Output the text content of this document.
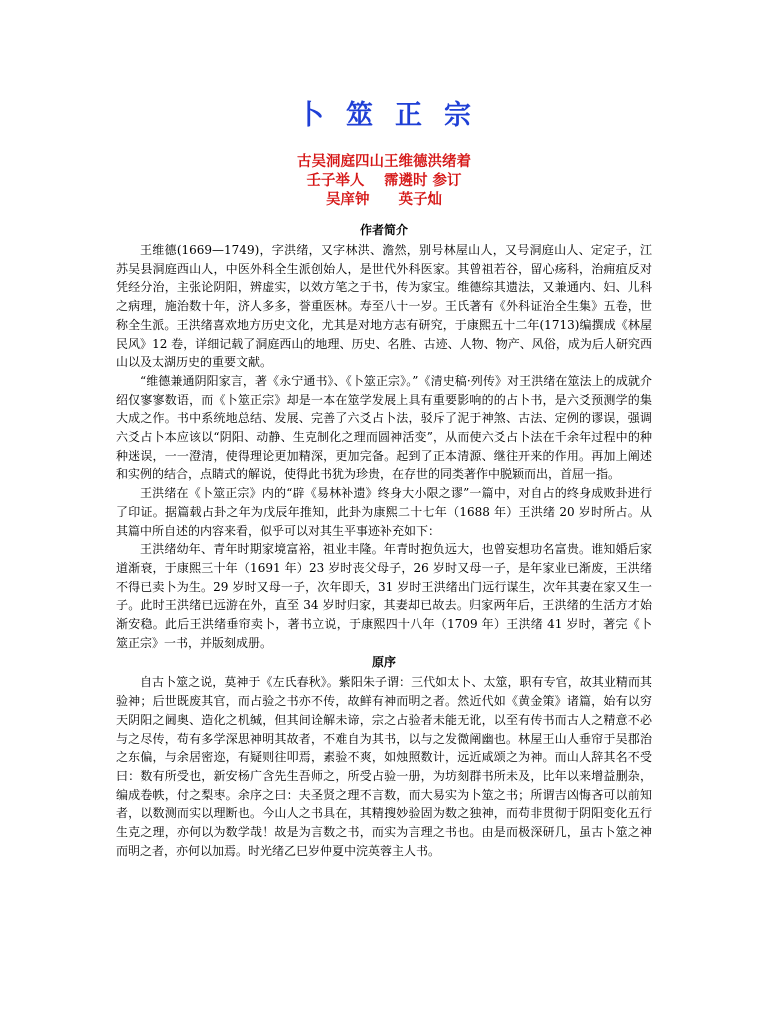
卜筮正宗
古吴洞庭四山王维德洪绪着
壬子举人　 霈遴时 参订
吴庠钟　　英子灿
作者简介

王维德(1669—1749)，字洪绪，又字林洪、澹然，别号林屋山人，又号洞庭山人、定定子，江苏吴县洞庭西山人，中医外科全生派创始人，是世代外科医家。其曾祖若谷，留心疡科，治痈疽反对凭经分治，主张论阴阳，辨虚实，以效方笔之于书，传为家宝。维德综其遗法，又兼通内、妇、儿科之病理，施治数十年，济人多多，誉重医林。寿至八十一岁。王氏著有《外科证治全生集》五卷，世称全生派。王洪绪喜欢地方历史文化，尤其是对地方志有研究，于康熙五十二年(1713)编撰成《林屋民风》12 卷，详细记载了洞庭西山的地理、历史、名胜、古迹、人物、物产、风俗，成为后人研究西山以及太湖历史的重要文献。

“维德兼通阴阳家言，著《永宁通书》、《卜筮正宗》。”《清史稿·列传》对王洪绪在筮法上的成就介绍仅寥寥数语，而《卜筮正宗》却是一本在筮学发展上具有重要影响的的占卜书，是六爻预测学的集大成之作。书中系统地总结、发展、完善了六爻占卜法，驳斥了泥于神煞、古法、定例的谬误，强调六爻占卜本应该以“阴阳、动静、生克制化之理而圆神活变”，从而使六爻占卜法在千余年过程中的种种迷误，一一澄清，使得理论更加精深，更加完备。起到了正本清源、继往开来的作用。再加上阐述和实例的结合，点睛式的解说，使得此书犹为珍贵，在存世的同类著作中脱颖而出，首屈一指。

王洪绪在《卜筮正宗》内的“辟《易林补遗》终身大小限之谬”一篇中，对自占的终身成败卦进行了印证。据篇载占卦之年为戊辰年推知，此卦为康熙二十七年（1688 年）王洪绪 20 岁时所占。从其篇中所自述的内容来看，似乎可以对其生平事迹补充如下：

王洪绪幼年、青年时期家境富裕，祖业丰隆。年青时抱负远大，也曾妄想功名富贵。谁知婚后家道渐衰，于康熙三十年（1691 年）23 岁时丧父母子，26 岁时又母一子，是年家业已渐废，王洪绪不得已卖卜为生。29 岁时又母一子，次年即夭，31 岁时王洪绪出门远行谋生，次年其妻在家又生一子。此时王洪绪已远游在外，直至 34 岁时归家，其妻却已故去。归家两年后，王洪绪的生活方才始渐安稳。此后王洪绪垂帘卖卜，著书立说，于康熙四十八年（1709 年）王洪绪 41 岁时，著完《卜筮正宗》一书，并版刻成册。

原序

自古卜筮之说，莫神于《左氏春秋》。紫阳朱子谓：三代如太卜、太筮，职有专官，故其业精而其验神；后世既废其官，而占验之书亦不传，故鲜有神而明之者。然近代如《黄金策》诸篇，始有以穷天阴阳之阃奥、造化之机缄，但其间诠解未谛，宗之占验者未能无讹，以至有传书而古人之精意不必与之尽传，苟有多学深思神明其故者，不难自为其书，以与之发微阐幽也。林屋王山人垂帘于吴郡治之东偏，与余居密迩，有疑则往叩焉，素验不爽，如烛照数计，远近咸颂之为神。而山人辞其名不受曰：数有所受也，新安杨广含先生吾师之，所受占验一册，为坊刻群书所未及，比年以来增益删杂，编成卷帙，付之梨枣。余序之曰：夫圣贤之理不言数，而大易实为卜筮之书；所谓吉凶悔吝可以前知者，以数测而实以理断也。今山人之书具在，其精搜妙验固为数之独神，而苟非贯彻于阴阳变化五行生克之理，亦何以为数学哉！故是为言数之书，而实为言理之书也。由是而极深研几，虽古卜筮之神而明之者，亦何以加焉。时光绪乙巳岁仲夏中浣英蓉主人书。
